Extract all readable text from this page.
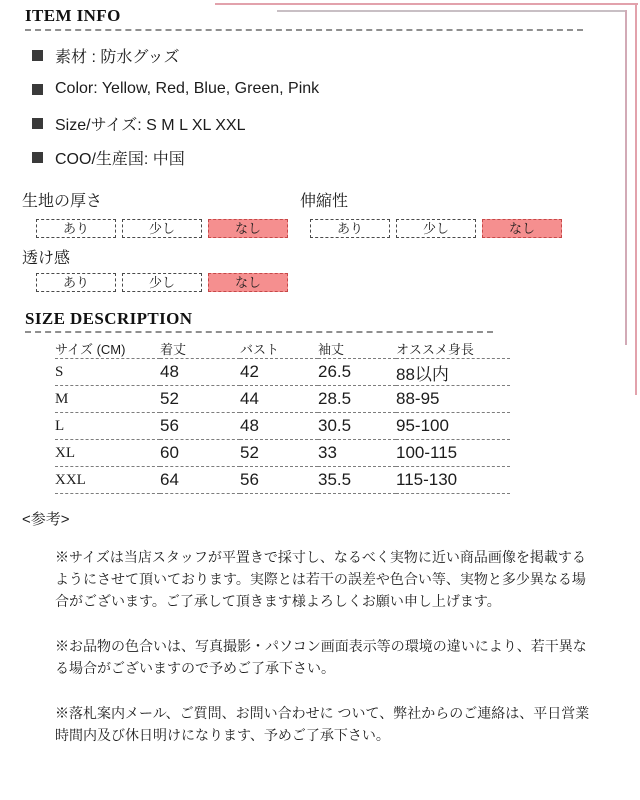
ITEM INFO
素材 : 防水グッズ
Color: Yellow, Red, Blue, Green, Pink
Size/サイズ: S M L XL XXL
COO/生産国: 中国
生地の厚さ
あり	少し	なし
伸縮性
あり	少し	なし
透け感
あり	少し	なし
SIZE DESCRIPTION
サイズ (CM)	着丈	バスト	袖丈	オススメ身長
S	48	42	26.5	88以内
M	52	44	28.5	88-95
L	56	48	30.5	95-100
XL	60	52	33	100-115
XXL	64	56	35.5	115-130

<参考>

※サイズは当店スタッフが平置きで採寸し、なるべく実物に近い商品画像を掲載するようにさせて頂いております。実際とは若干の誤差や色合い等、実物と多少異なる場合がございます。ご了承して頂きます様よろしくお願い申し上げます。

※お品物の色合いは、写真撮影・パソコン画面表示等の環境の違いにより、若干異なる場合がございますので予めご了承下さい。

※落札案内メール、ご質問、お問い合わせに ついて、弊社からのご連絡は、平日営業時間内及び休日明けになります、予めご了承下さい。
